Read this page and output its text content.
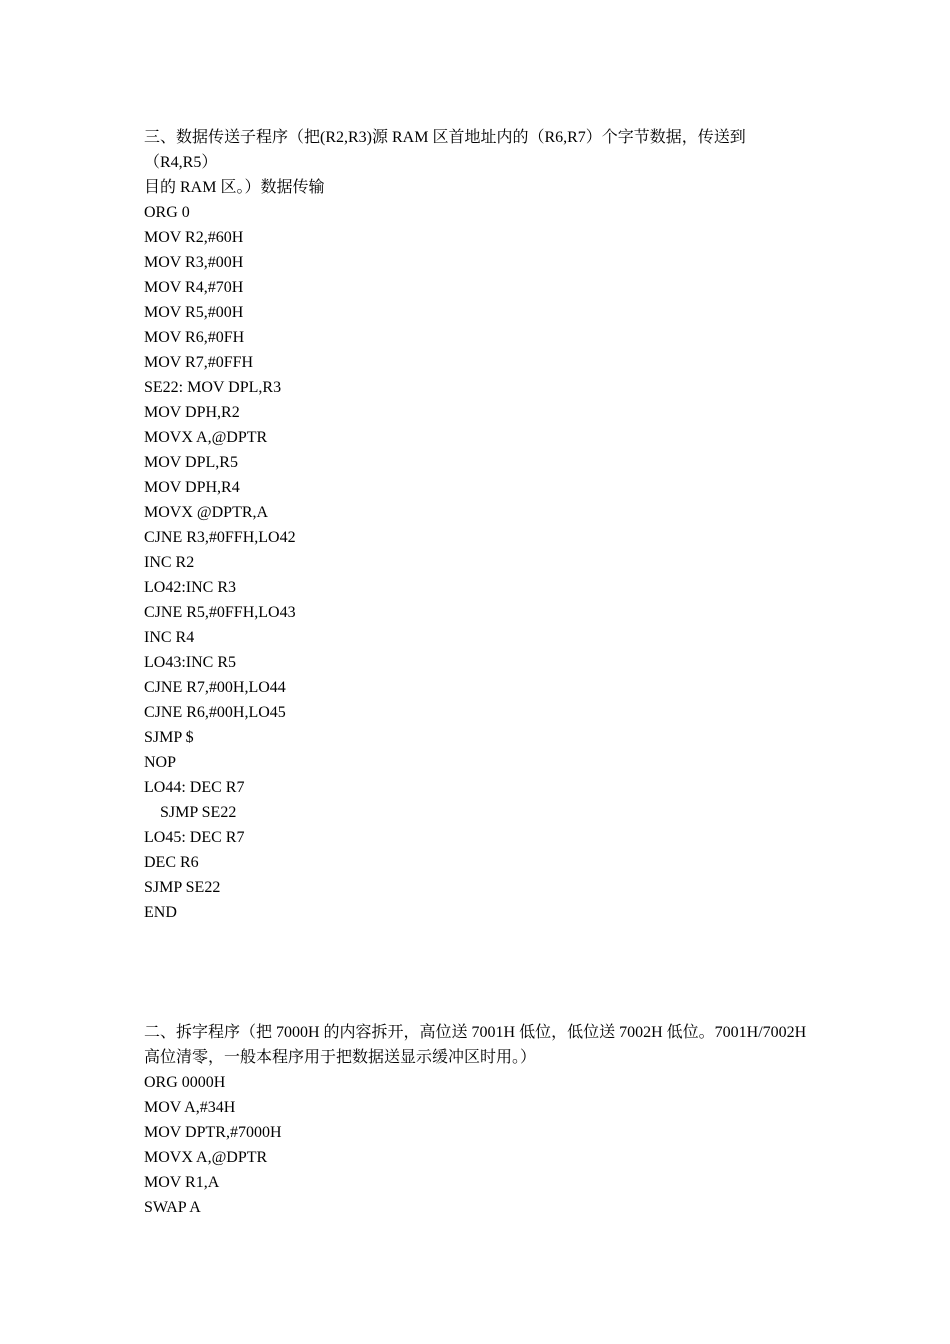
三、数据传送子程序（把(R2,R3)源 RAM 区首地址内的（R6,R7）个字节数据，传送到（R4,R5）
目的 RAM 区。）数据传输

ORG 0
MOV R2,#60H
MOV R3,#00H
MOV R4,#70H
MOV R5,#00H
MOV R6,#0FH
MOV R7,#0FFH
SE22: MOV DPL,R3
MOV DPH,R2
MOVX A,@DPTR
MOV DPL,R5
MOV DPH,R4
MOVX @DPTR,A
CJNE R3,#0FFH,LO42
INC R2
LO42:INC R3
CJNE R5,#0FFH,LO43
INC R4
LO43:INC R5
CJNE R7,#00H,LO44
CJNE R6,#00H,LO45
SJMP $
NOP
LO44: DEC R7
SJMP SE22
LO45: DEC R7
DEC R6
SJMP SE22
END

二、拆字程序（把 7000H 的内容拆开，高位送 7001H 低位，低位送 7002H 低位。7001H/7002H
高位清零，一般本程序用于把数据送显示缓冲区时用。）

ORG 0000H
MOV A,#34H
MOV DPTR,#7000H
MOVX A,@DPTR
MOV R1,A
SWAP A
